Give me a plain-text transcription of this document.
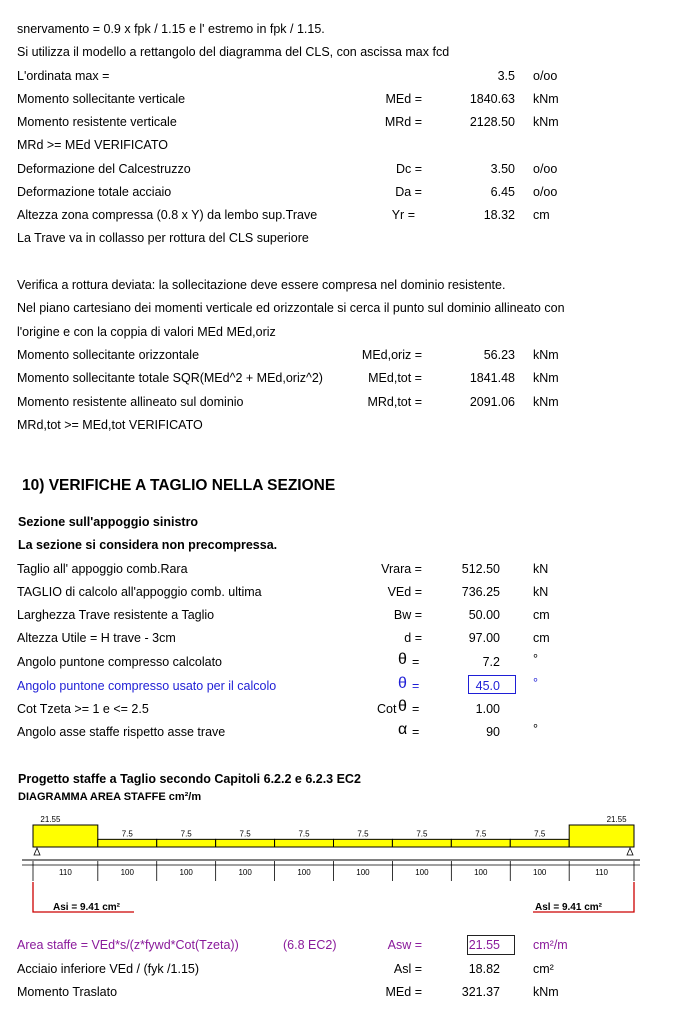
snervamento = 0.9 x fpk / 1.15 e l' estremo in fpk / 1.15.
Si utilizza il modello a rettangolo del diagramma del CLS, con ascissa max fcd
L'ordinata max =	3.5 o/oo
Momento sollecitante verticale	MEd =	1840.63 kNm
Momento resistente verticale	MRd =	2128.50 kNm
MRd >= MEd VERIFICATO
Deformazione del Calcestruzzo	Dc =	3.50 o/oo
Deformazione totale acciaio	Da =	6.45 o/oo
Altezza zona compressa (0.8 x Y) da lembo sup.Trave	Yr =	18.32 cm
La Trave va in collasso per rottura del CLS superiore
Verifica a rottura deviata: la sollecitazione deve essere compresa nel dominio resistente.
Nel piano cartesiano dei momenti verticale ed orizzontale si cerca il punto sul dominio allineato con
l'origine e con la coppia di valori MEd MEd,oriz
Momento sollecitante orizzontale	MEd,oriz =	56.23 kNm
Momento sollecitante totale SQR(MEd^2 + MEd,oriz^2)	MEd,tot =	1841.48 kNm
Momento resistente allineato sul dominio	MRd,tot =	2091.06 kNm
MRd,tot >= MEd,tot VERIFICATO
10) VERIFICHE A TAGLIO NELLA SEZIONE
Sezione sull'appoggio sinistro
La sezione si considera non precompressa.
Taglio all' appoggio comb.Rara	Vrara =	512.50	kN
TAGLIO di calcolo all'appoggio comb. ultima	VEd =	736.25	kN
Larghezza Trave resistente a Taglio	Bw =	50.00	cm
Altezza Utile = H trave - 3cm	d =	97.00	cm
Angolo puntone compresso calcolato	θ =	7.2	°
Angolo puntone compresso usato per il calcolo	θ =	45.0	°
Cot Tzeta >= 1 e <= 2.5	Cot θ =	1.00
Angolo asse staffe rispetto asse trave	α =	90	°
Progetto staffe a Taglio secondo Capitoli 6.2.2 e 6.2.3 EC2
DIAGRAMMA AREA STAFFE cm²/m
21.55
110
7.5
100
7.5
100
7.5
100
7.5
100
7.5
100
7.5
100
7.5
100
7.5
100
21.55
110
Asi = 9.41 cm²	Asl = 9.41 cm²
Area staffe = VEd*s/(z*fywd*Cot(Tzeta))	(6.8 EC2)	Asw =	21.55	cm²/m
Acciaio inferiore VEd / (fyk /1.15)	Asl =	18.82	cm²
Momento Traslato	MEd =	321.37	kNm
